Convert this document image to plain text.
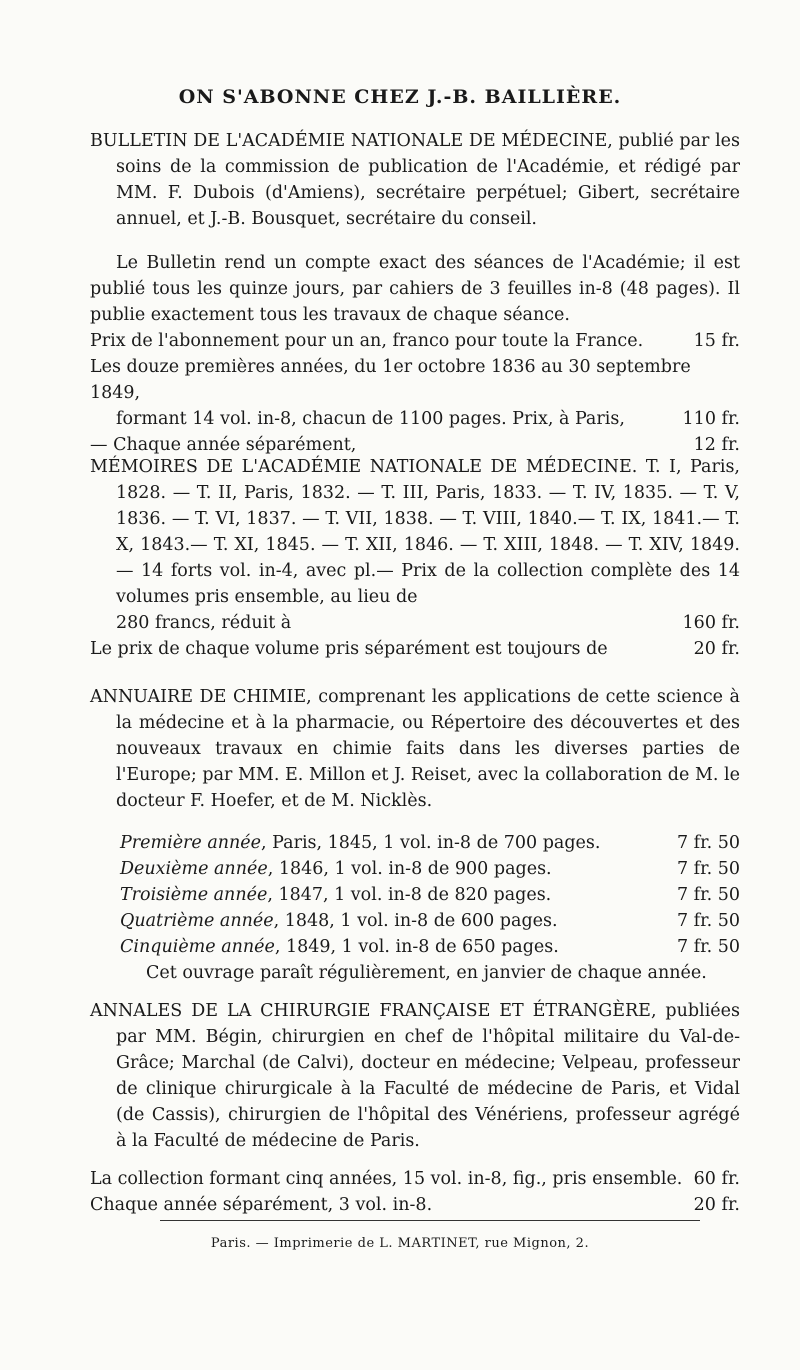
ON S'ABONNE CHEZ J.-B. BAILLIÈRE.

BULLETIN DE L'ACADÉMIE NATIONALE DE MÉDECINE, publié par les soins de la commission de publication de l'Académie, et rédigé par MM. F. Dubois (d'Amiens), secrétaire perpétuel; Gibert, secrétaire annuel, et J.-B. Bousquet, secrétaire du conseil.

Le Bulletin rend un compte exact des séances de l'Académie; il est publié tous les quinze jours, par cahiers de 3 feuilles in-8 (48 pages). Il publie exactement tous les travaux de chaque séance.

Prix de l'abonnement pour un an, franco pour toute la France.	15 fr.

Les douze premières années, du 1er octobre 1836 au 30 septembre 1849,

formant 14 vol. in-8, chacun de 1100 pages. Prix, à Paris,	110 fr.
— Chaque année séparément,	12 fr.

MÉMOIRES DE L'ACADÉMIE NATIONALE DE MÉDECINE. T. I, Paris, 1828. — T. II, Paris, 1832. — T. III, Paris, 1833. — T. IV, 1835. — T. V, 1836. — T. VI, 1837. — T. VII, 1838. — T. VIII, 1840.— T. IX, 1841.— T. X, 1843.— T. XI, 1845. — T. XII, 1846. — T. XIII, 1848. — T. XIV, 1849. — 14 forts vol. in-4, avec pl.— Prix de la collection complète des 14 volumes pris ensemble, au lieu de

280 francs, réduit à	160 fr.
Le prix de chaque volume pris séparément est toujours de	20 fr.

ANNUAIRE DE CHIMIE, comprenant les applications de cette science à la médecine et à la pharmacie, ou Répertoire des découvertes et des nouveaux travaux en chimie faits dans les diverses parties de l'Europe; par MM. E. Millon et J. Reiset, avec la collaboration de M. le docteur F. Hoefer, et de M. Nicklès.

Première année, Paris, 1845, 1 vol. in-8 de 700 pages.	7 fr. 50
Deuxième année, 1846, 1 vol. in-8 de 900 pages.	7 fr. 50
Troisième année, 1847, 1 vol. in-8 de 820 pages.	7 fr. 50
Quatrième année, 1848, 1 vol. in-8 de 600 pages.	7 fr. 50
Cinquième année, 1849, 1 vol. in-8 de 650 pages.	7 fr. 50

Cet ouvrage paraît régulièrement, en janvier de chaque année.

ANNALES DE LA CHIRURGIE FRANÇAISE ET ÉTRANGÈRE, publiées par MM. Bégin, chirurgien en chef de l'hôpital militaire du Val-de-Grâce; Marchal (de Calvi), docteur en médecine; Velpeau, professeur de clinique chirurgicale à la Faculté de médecine de Paris, et Vidal (de Cassis), chirurgien de l'hôpital des Vénériens, professeur agrégé à la Faculté de médecine de Paris.

La collection formant cinq années, 15 vol. in-8, fig., pris ensemble. 60 fr.
Chaque année séparément, 3 vol. in-8.	20 fr.
Paris. — Imprimerie de L. MARTINET, rue Mignon, 2.
